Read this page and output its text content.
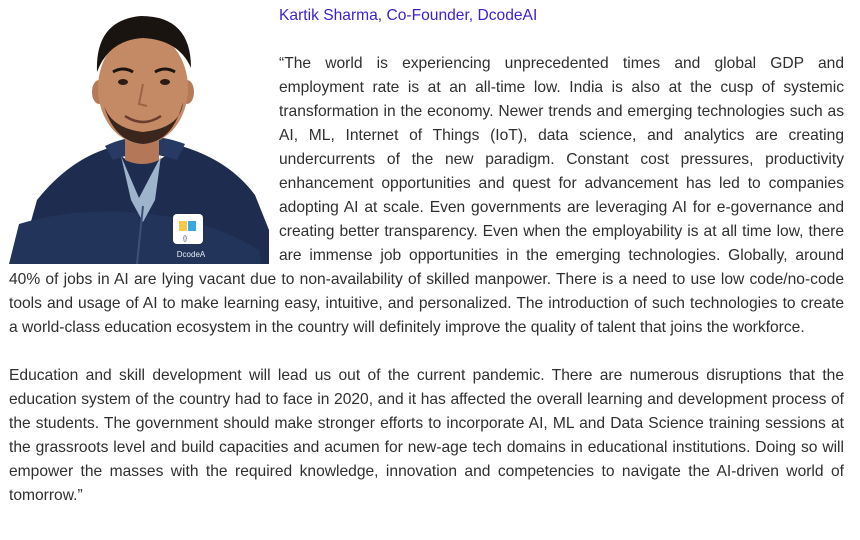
{}
DcodeA
Kartik Sharma, Co-Founder, DcodeAI

“The world is experiencing unprecedented times and global GDP and employment rate is at an all-time low. India is also at the cusp of systemic transformation in the economy. Newer trends and emerging technologies such as AI, ML, Internet of Things (IoT), data science, and analytics are creating undercurrents of the new paradigm. Constant cost pressures, productivity enhancement opportunities and quest for advancement has led to companies adopting AI at scale. Even governments are leveraging AI for e-governance and creating better transparency. Even when the employability is at all time low, there are immense job opportunities in the emerging technologies. Globally, around 40% of jobs in AI are lying vacant due to non-availability of skilled manpower. There is a need to use low code/no-code tools and usage of AI to make learning easy, intuitive, and personalized. The introduction of such technologies to create a world-class education ecosystem in the country will definitely improve the quality of talent that joins the workforce.

Education and skill development will lead us out of the current pandemic. There are numerous disruptions that the education system of the country had to face in 2020, and it has affected the overall learning and development process of the students. The government should make stronger efforts to incorporate AI, ML and Data Science training sessions at the grassroots level and build capacities and acumen for new-age tech domains in educational institutions. Doing so will empower the masses with the required knowledge, innovation and competencies to navigate the AI-driven world of tomorrow.”
